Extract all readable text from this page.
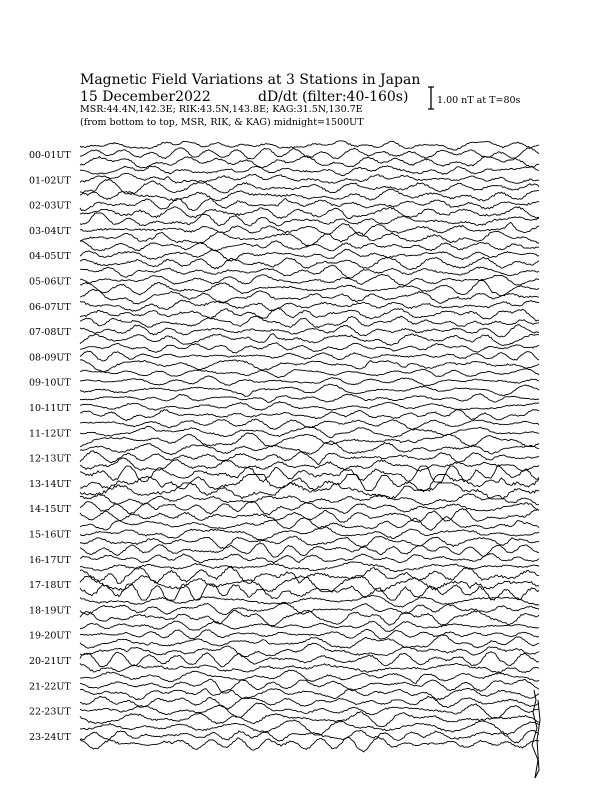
Magnetic Field Variations at 3 Stations in Japan
15 December2022	dD/dt (filter:40-160s)
MSR:44.4N,142.3E; RIK:43.5N,143.8E; KAG:31.5N,130.7E
(from bottom to top, MSR, RIK, & KAG) midnight=1500UT
1.00 nT at T=80s
00-01UT
01-02UT
02-03UT
03-04UT
04-05UT
05-06UT
06-07UT
07-08UT
08-09UT
09-10UT
10-11UT
11-12UT
12-13UT
13-14UT
14-15UT
15-16UT
16-17UT
17-18UT
18-19UT
19-20UT
20-21UT
21-22UT
22-23UT
23-24UT
